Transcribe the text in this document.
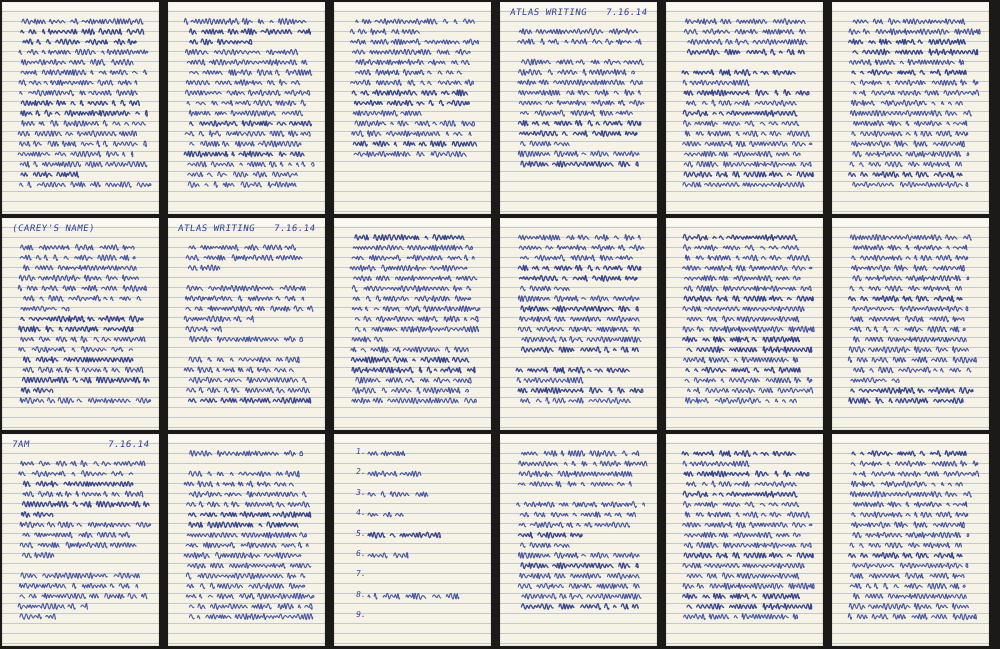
ATLAS WRITING 7.16.14
(CAREY'S NAME)	ATLAS WRITING 7.16.14
7AM	7.16.14
1.
2.
3.
4.
5.
6.
7.
8.
9.
